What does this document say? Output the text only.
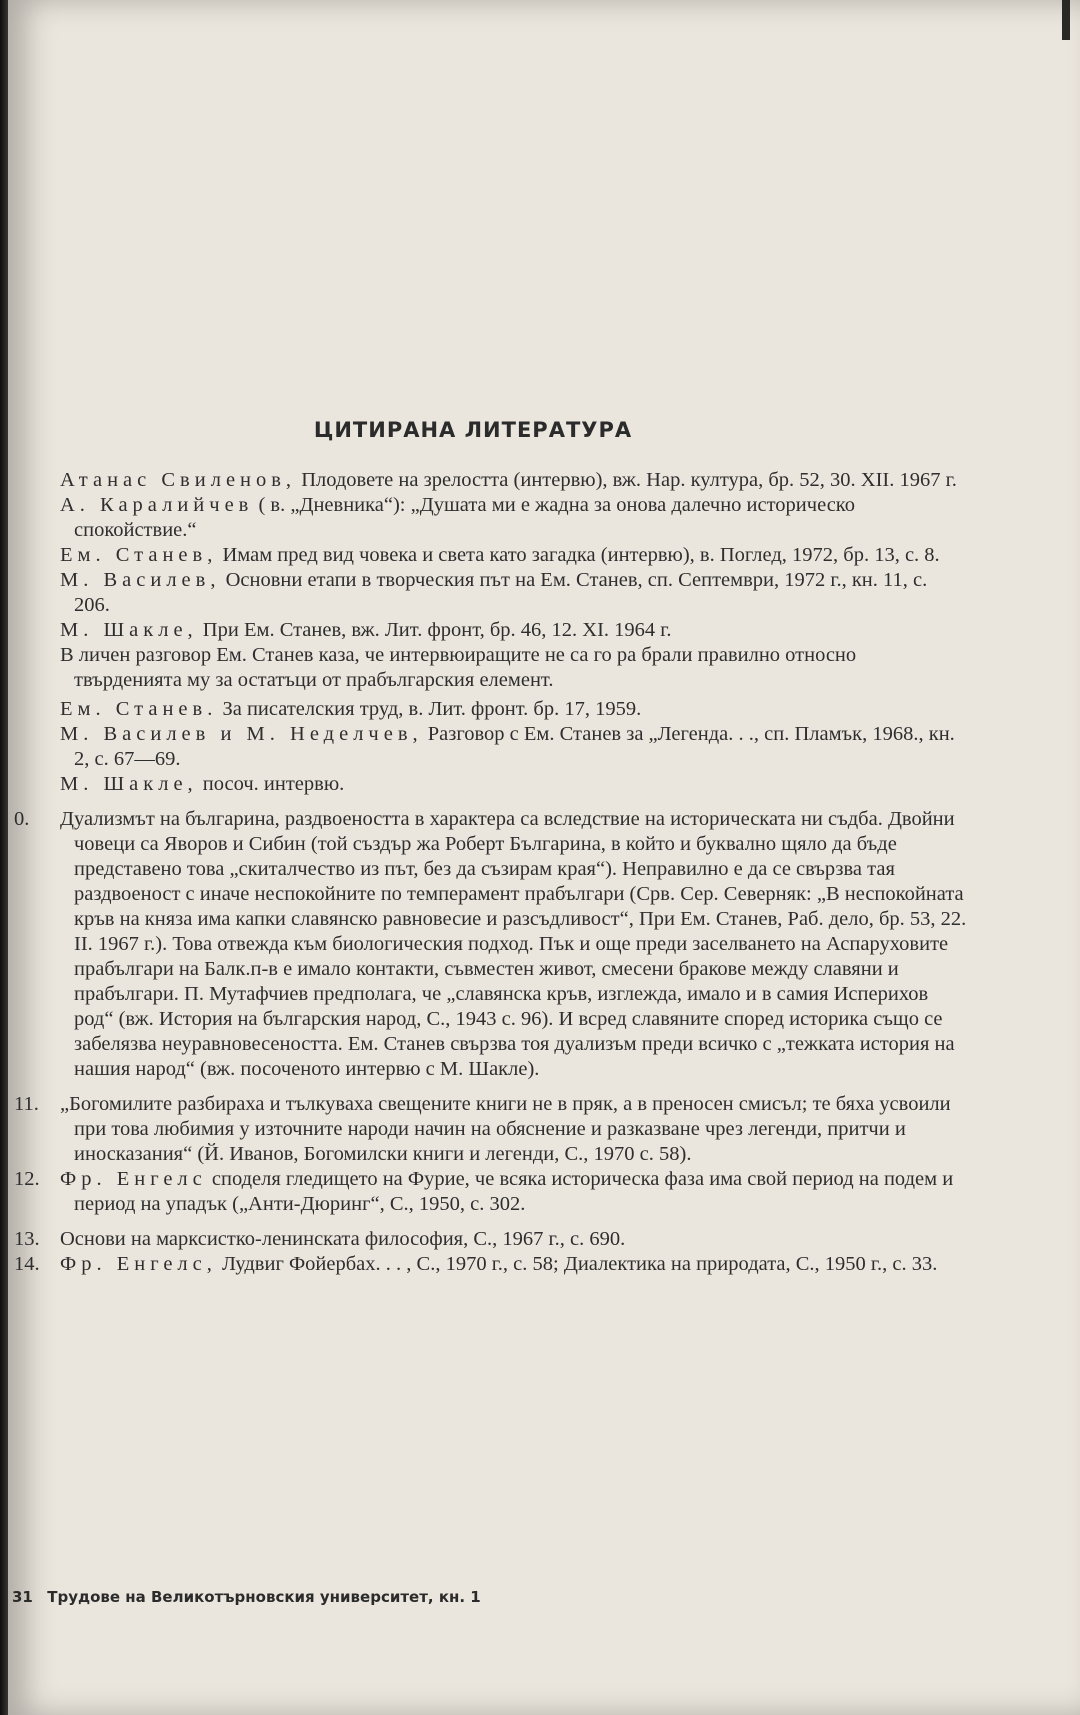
ЦИТИРАНА ЛИТЕРАТУРА
Атанас Свиленов, Плодовете на зрелостта (интервю), вж. Нар. култура, бр. 52, 30. XII. 1967 г.
А. Каралийчев ( в. „Дневника“): „Душата ми е жадна за онова далечно историческо спокойствие.“
Ем. Станев, Имам пред вид човека и света като загадка (интервю), в. Поглед, 1972, бр. 13, с. 8.
М. Василев, Основни етапи в творческия път на Ем. Станев, сп. Септември, 1972 г., кн. 11, с. 206.
М. Шакле, При Ем. Станев, вж. Лит. фронт, бр. 46, 12. XI. 1964 г.
В личен разговор Ем. Станев каза, че интервюиращите не са го ра брали правилно относно твърденията му за остатъци от прабългарския елемент.
Ем. Станев. За писателския труд, в. Лит. фронт. бр. 17, 1959.
М. Василев и М. Неделчев, Разговор с Ем. Станев за „Легенда. . ., сп. Пламък, 1968., кн. 2, с. 67—69.
М. Шакле, посоч. интервю.
0.	Дуализмът на българина, раздвоеността в характера са вследствие на историческата ни съдба. Двойни човеци са Яворов и Сибин (той създър жа Роберт Българина, в който и буквално щяло да бъде представено това „скиталчество из път, без да съзирам края“). Неправилно е да се свързва тая раздвоеност с иначе неспокойните по темперамент прабългари (Срв. Сер. Северняк: „В неспокойната кръв на княза има капки славянско равновесие и разсъдливост“, При Ем. Станев, Раб. дело, бр. 53, 22. II. 1967 г.). Това отвежда към биологическия подход. Пък и още преди заселването на Аспаруховите прабългари на Балк.п-в е имало контакти, съвместен живот, смесени бракове между славяни и прабългари. П. Мутафчиев предполага, че „славянска кръв, изглежда, имало и в самия Исперихов род“ (вж. История на българския народ, С., 1943 с. 96). И всред славяните според историка също се забелязва неуравновесеността. Ем. Станев свързва тоя дуализъм преди всичко с „тежката история на нашия народ“ (вж. посоченото интервю с М. Шакле).
11.	„Богомилите разбираха и тълкуваха свещените книги не в пряк, а в преносен смисъл; те бяха усвоили при това любимия у източните народи начин на обяснение и разказване чрез легенди, притчи и иносказания“ (Й. Иванов, Богомилски книги и легенди, С., 1970 с. 58).
12. Фр. Енгелс споделя гледището на Фурие, че всяка историческа фаза има свой период на подем и период на упадък („Анти-Дюринг“, С., 1950, с. 302.
13. Основи на марксистко-ленинската философия, С., 1967 г., с. 690.
14. Фр. Енгелс, Лудвиг Фойербах. . . , С., 1970 г., с. 58; Диалектика на природата, С., 1950 г., с. 33.
31 Трудове на Великотърновския университет, кн. 1
